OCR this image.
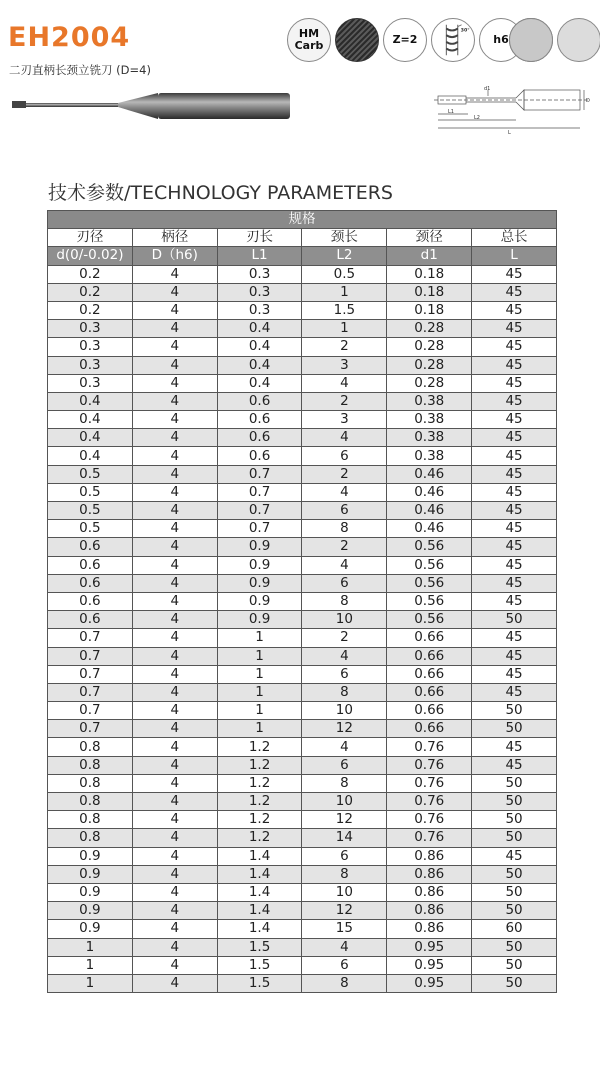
EH2004
二刃直柄长颈立铣刀 (D=4)
HM
Carb	Z=2
30°
h6
L1
L2
L
D
d1
技术参数/TECHNOLOGY PARAMETERS
规格					
刃径	柄径	刃长	颈长	颈径	总长
d(0/-0.02)	D（h6)	L1	L2	d1	L
0.2	4	0.3	0.5	0.18	45
0.2	4	0.3	1	0.18	45
0.2	4	0.3	1.5	0.18	45
0.3	4	0.4	1	0.28	45
0.3	4	0.4	2	0.28	45
0.3	4	0.4	3	0.28	45
0.3	4	0.4	4	0.28	45
0.4	4	0.6	2	0.38	45
0.4	4	0.6	3	0.38	45
0.4	4	0.6	4	0.38	45
0.4	4	0.6	6	0.38	45
0.5	4	0.7	2	0.46	45
0.5	4	0.7	4	0.46	45
0.5	4	0.7	6	0.46	45
0.5	4	0.7	8	0.46	45
0.6	4	0.9	2	0.56	45
0.6	4	0.9	4	0.56	45
0.6	4	0.9	6	0.56	45
0.6	4	0.9	8	0.56	45
0.6	4	0.9	10	0.56	50
0.7	4	1	2	0.66	45
0.7	4	1	4	0.66	45
0.7	4	1	6	0.66	45
0.7	4	1	8	0.66	45
0.7	4	1	10	0.66	50
0.7	4	1	12	0.66	50
0.8	4	1.2	4	0.76	45
0.8	4	1.2	6	0.76	45
0.8	4	1.2	8	0.76	50
0.8	4	1.2	10	0.76	50
0.8	4	1.2	12	0.76	50
0.8	4	1.2	14	0.76	50
0.9	4	1.4	6	0.86	45
0.9	4	1.4	8	0.86	50
0.9	4	1.4	10	0.86	50
0.9	4	1.4	12	0.86	50
0.9	4	1.4	15	0.86	60
1	4	1.5	4	0.95	50
1	4	1.5	6	0.95	50
1	4	1.5	8	0.95	50
